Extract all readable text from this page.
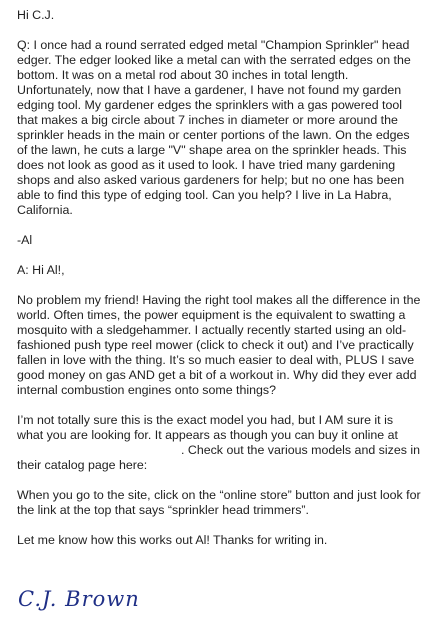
Hi C.J.

Q: I once had a round serrated edged metal "Champion Sprinkler" head edger. The edger looked like a metal can with the serrated edges on the bottom. It was on a metal rod about 30 inches in total length. Unfortunately, now that I have a gardener, I have not found my garden edging tool. My gardener edges the sprinklers with a gas powered tool that makes a big circle about 7 inches in diameter or more around the sprinkler heads in the main or center portions of the lawn. On the edges of the lawn, he cuts a large "V" shape area on the sprinkler heads. This does not look as good as it used to look. I have tried many gardening shops and also asked various gardeners for help; but no one has been able to find this type of edging tool. Can you help? I live in La Habra, California.

-Al

A: Hi Al!,

No problem my friend! Having the right tool makes all the difference in the world. Often times, the power equipment is the equivalent to swatting a mosquito with a sledgehammer. I actually recently started using an old-fashioned push type reel mower (click to check it out) and I’ve practically fallen in love with the thing. It’s so much easier to deal with, PLUS I save good money on gas AND get a bit of a workout in. Why did they ever add internal combustion engines onto some things?

I’m not totally sure this is the exact model you had, but I AM sure it is what you are looking for. It appears as though you can buy it online at . Check out the various models and sizes in their catalog page here:

When you go to the site, click on the “online store” button and just look for the link at the top that says “sprinkler head trimmers”.

Let me know how this works out Al! Thanks for writing in.

C.J. Brown
